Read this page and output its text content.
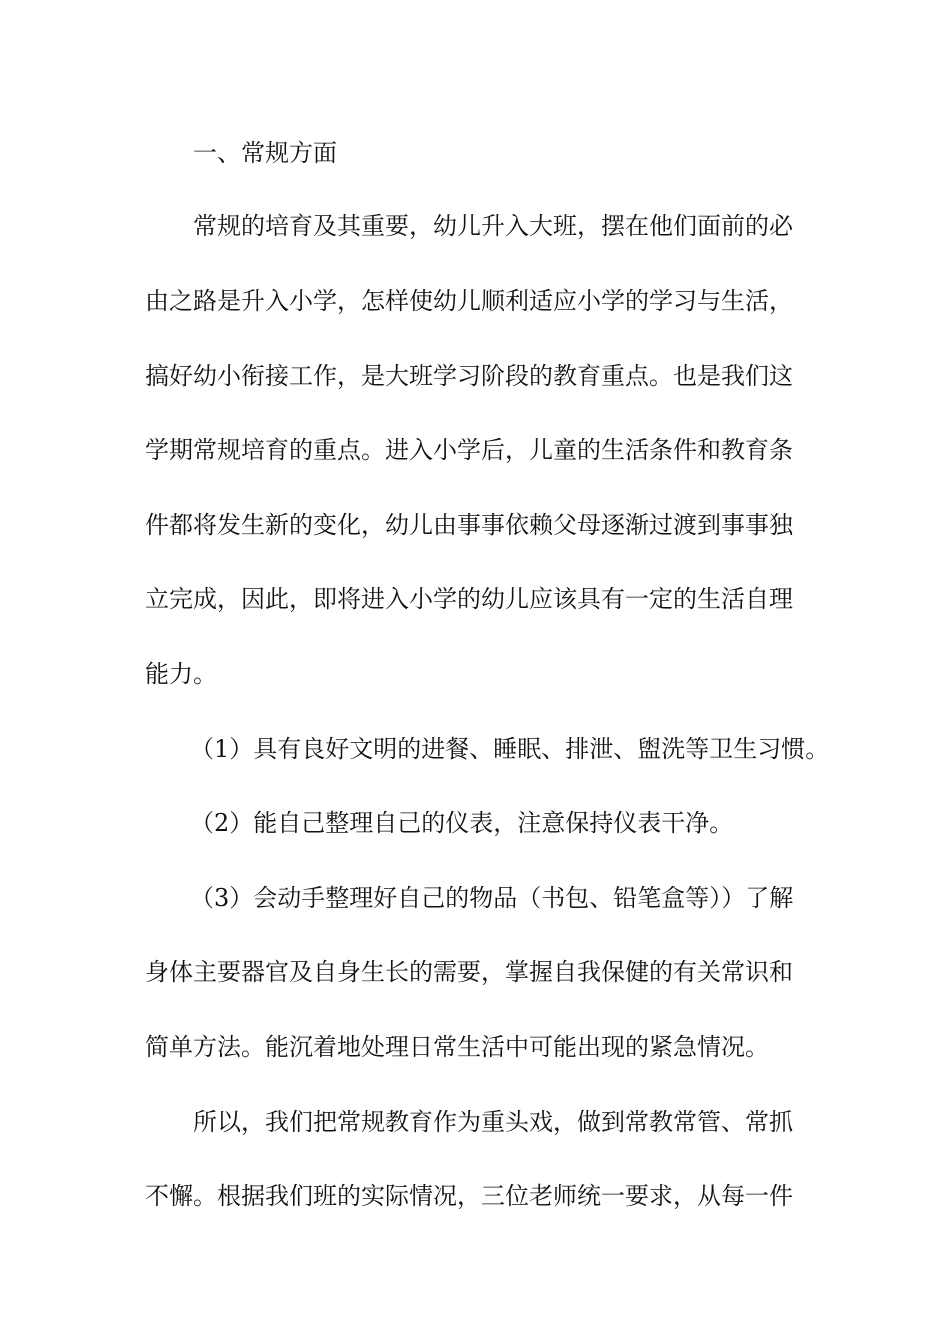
一、常规方面
常规的培育及其重要，幼儿升入大班，摆在他们面前的必
由之路是升入小学，怎样使幼儿顺利适应小学的学习与生活，
搞好幼小衔接工作，是大班学习阶段的教育重点。也是我们这
学期常规培育的重点。进入小学后，儿童的生活条件和教育条
件都将发生新的变化，幼儿由事事依赖父母逐渐过渡到事事独
立完成，因此，即将进入小学的幼儿应该具有一定的生活自理
能力。
（1）具有良好文明的进餐、睡眠、排泄、盥洗等卫生习惯。
（2）能自己整理自己的仪表，注意保持仪表干净。
（3）会动手整理好自己的物品（书包、铅笔盒等））了解
身体主要器官及自身生长的需要，掌握自我保健的有关常识和
简单方法。能沉着地处理日常生活中可能出现的紧急情况。
所以，我们把常规教育作为重头戏，做到常教常管、常抓
不懈。根据我们班的实际情况，三位老师统一要求，从每一件
